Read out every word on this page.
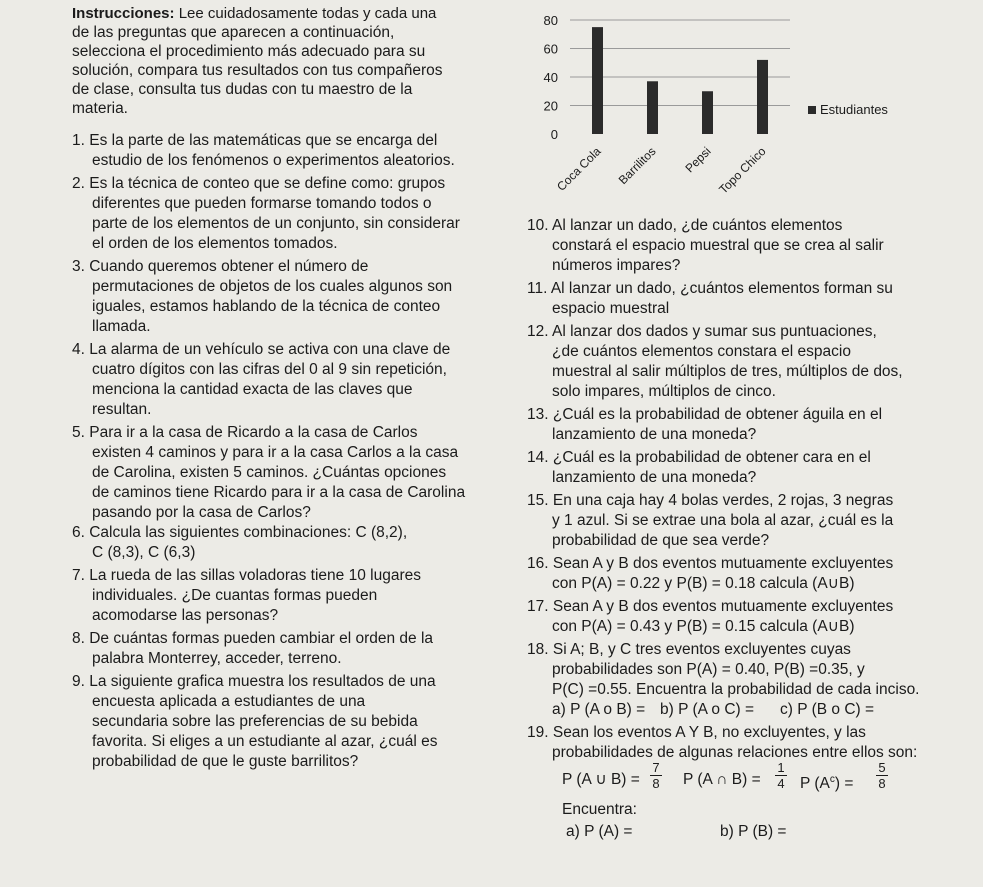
Instrucciones: Lee cuidadosamente todas y cada una
de las preguntas que aparecen a continuación,
selecciona el procedimiento más adecuado para su
solución, compara tus resultados con tus compañeros
de clase, consulta tus dudas con tu maestro de la
materia.
1. Es la parte de las matemáticas que se encarga del
estudio de los fenómenos o experimentos aleatorios.
2. Es la técnica de conteo que se define como: grupos
diferentes que pueden formarse tomando todos o
parte de los elementos de un conjunto, sin considerar
el orden de los elementos tomados.
3. Cuando queremos obtener el número de
permutaciones de objetos de los cuales algunos son
iguales, estamos hablando de la técnica de conteo
llamada.
4. La alarma de un vehículo se activa con una clave de
cuatro dígitos con las cifras del 0 al 9 sin repetición,
menciona la cantidad exacta de las claves que
resultan.
5. Para ir a la casa de Ricardo a la casa de Carlos
existen 4 caminos y para ir a la casa Carlos a la casa
de Carolina, existen 5 caminos. ¿Cuántas opciones
de caminos tiene Ricardo para ir a la casa de Carolina
pasando por la casa de Carlos?
6. Calcula las siguientes combinaciones: C (8,2),
C (8,3), C (6,3)
7. La rueda de las sillas voladoras tiene 10 lugares
individuales. ¿De cuantas formas pueden
acomodarse las personas?
8. De cuántas formas pueden cambiar el orden de la
palabra Monterrey, acceder, terreno.
9. La siguiente grafica muestra los resultados de una
encuesta aplicada a estudiantes de una
secundaria sobre las preferencias de su bebida
favorita. Si eliges a un estudiante al azar, ¿cuál es
probabilidad de que le guste barrilitos?
0
20
40
60
80
Coca Cola Barrilitos Pepsi Topo Chico
Estudiantes
10. Al lanzar un dado, ¿de cuántos elementos
constará el espacio muestral que se crea al salir
números impares?
11. Al lanzar un dado, ¿cuántos elementos forman su
espacio muestral
12. Al lanzar dos dados y sumar sus puntuaciones,
¿de cuántos elementos constara el espacio
muestral al salir múltiplos de tres, múltiplos de dos,
solo impares, múltiplos de cinco.
13. ¿Cuál es la probabilidad de obtener águila en el
lanzamiento de una moneda?
14. ¿Cuál es la probabilidad de obtener cara en el
lanzamiento de una moneda?
15. En una caja hay 4 bolas verdes, 2 rojas, 3 negras
y 1 azul. Si se extrae una bola al azar, ¿cuál es la
probabilidad de que sea verde?
16. Sean A y B dos eventos mutuamente excluyentes
con P(A) = 0.22 y P(B) = 0.18 calcula (A∪B)
17. Sean A y B dos eventos mutuamente excluyentes
con P(A) = 0.43 y P(B) = 0.15 calcula (A∪B)
18. Si A; B, y C tres eventos excluyentes cuyas
probabilidades son P(A) = 0.40, P(B) =0.35, y
P(C) =0.55. Encuentra la probabilidad de cada inciso.
a) P (A o B) = b) P (A o C) = c) P (B o C) =
19. Sean los eventos A Y B, no excluyentes, y las
probabilidades de algunas relaciones entre ellos son:
P (A ∪ $B) = \frac{7}{8}$ P (A ∩ $B) = \frac{1}{4}$ P $(A^c) = \frac{5}{8}$
Encuentra:
a) P (A) =	b) P (B) =
